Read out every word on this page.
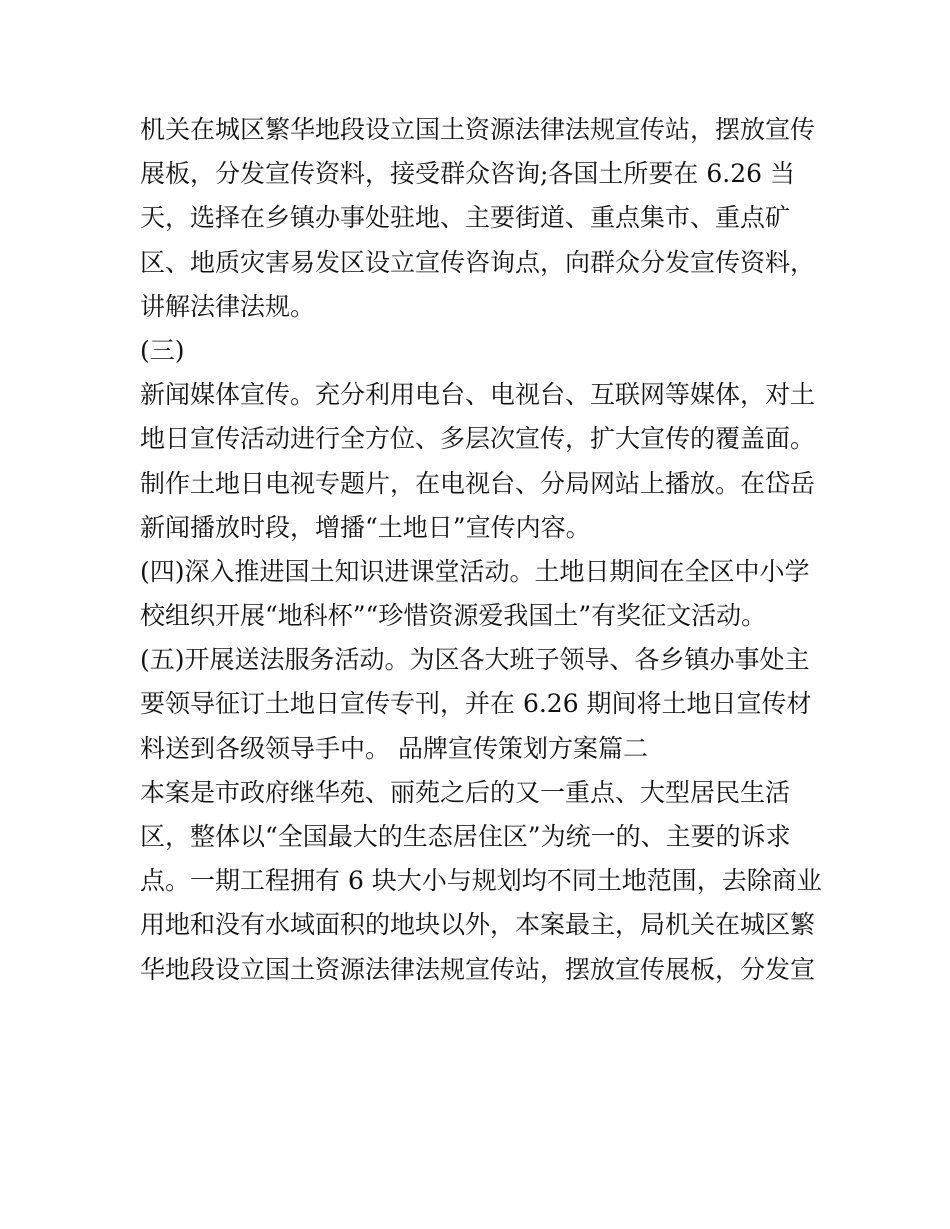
机关在城区繁华地段设立国土资源法律法规宣传站，摆放宣传
展板，分发宣传资料，接受群众咨询;各国土所要在 6.26 当
天，选择在乡镇办事处驻地、主要街道、重点集市、重点矿
区、地质灾害易发区设立宣传咨询点，向群众分发宣传资料，
讲解法律法规。
(三)
新闻媒体宣传。充分利用电台、电视台、互联网等媒体，对土
地日宣传活动进行全方位、多层次宣传，扩大宣传的覆盖面。
制作土地日电视专题片，在电视台、分局网站上播放。在岱岳
新闻播放时段，增播“土地日”宣传内容。
(四)深入推进国土知识进课堂活动。土地日期间在全区中小学
校组织开展“地科杯”“珍惜资源爱我国土”有奖征文活动。
(五)开展送法服务活动。为区各大班子领导、各乡镇办事处主
要领导征订土地日宣传专刊，并在 6.26 期间将土地日宣传材
料送到各级领导手中。 品牌宣传策划方案篇二
本案是市政府继华苑、丽苑之后的又一重点、大型居民生活
区，整体以“全国最大的生态居住区”为统一的、主要的诉求
点。一期工程拥有 6 块大小与规划均不同土地范围，去除商业
用地和没有水域面积的地块以外，本案最主，局机关在城区繁
华地段设立国土资源法律法规宣传站，摆放宣传展板，分发宣
